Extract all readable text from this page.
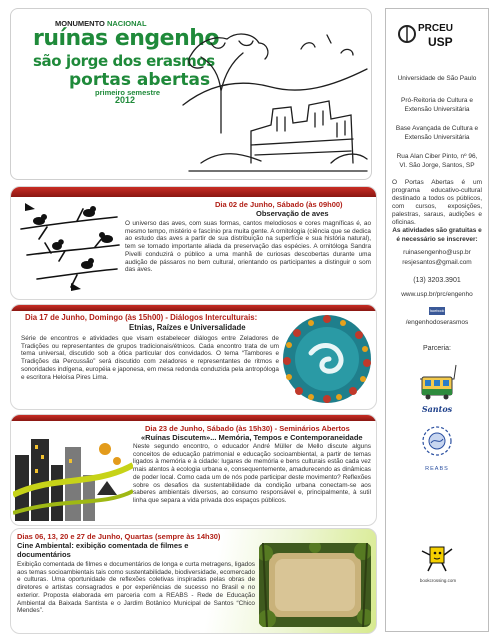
MONUMENTO NACIONAL
ruínas engenho
são jorge dos erasmos
portas abertas
primeiro semestre
2012
PRCEU
USP
Universidade de São Paulo
Pró-Reitoria de Cultura e Extensão Universitária
Base Avançada de Cultura e Extensão Universitária
Rua Alan Ciber Pinto, nº 96, Vl. São Jorge, Santos, SP
O Portas Abertas é um programa educativo-cultural destinado a todos os públicos, com cursos, exposições, palestras, saraus, audições e oficinas.
As atividades são gratuitas e é necessário se inscrever:
ruinasengenho@usp.br
resjesantos@gmail.com
(13) 3203.3901
www.usp.br/prc/engenho
facebook
/engenhodoserasmos
Parceria:
Santos
REABS
bookcrossing.com
Dia 02 de Junho, Sábado (às 09h00)
Observação de aves
O universo das aves, com suas formas, cantos melodiosos e cores magníficas é, ao mesmo tempo, mistério e fascínio pra muita gente. A ornitologia (ciência que se dedica ao estudo das aves a partir de sua distribuição na superfície e sua história natural), tem se tornado importante aliada da preservação das espécies. A ornitóloga Sandra Pivelli conduzirá o público a uma manhã de curiosas descobertas durante uma audição de pássaros no bem cultural, orientando os participantes a distinguir o som das aves.
Dia 17 de Junho, Domingo (às 15h00) - Diálogos Interculturais:
Etnias, Raízes e Universalidade
Série de encontros e atividades que visam estabelecer diálogos entre Zeladores de Tradições ou representantes de grupos tradicionais/étnicos. Cada encontro trata de um tema universal, discutido sob a ótica particular dos convidados. O tema “Tambores e Tradições da Percussão” será discutido com zeladores e representantes de ritmos e sonoridades indígena, européia e japonesa, em mesa redonda conduzida pela antropóloga e escritora Heloísa Pires Lima.
Dia 23 de Junho, Sábado (às 15h30) - Seminários Abertos
«Ruínas Discutem»... Memória, Tempos e Contemporaneidade
Neste segundo encontro, o educador André Müller de Mello discute alguns conceitos de educação patrimonial e educação socioambiental, a partir de temas ligados à memória e à cidade: lugares de memória e bens culturais estão cada vez mais atentos à ecologia urbana e, consequentemente, amadurecendo as dinâmicas de poder local. Como cada um de nós pode participar deste movimento? Reflexões sobre os desafios da sustentabilidade da condição urbana conectam-se aos saberes ambientais diversos, ao consumo responsável e, principalmente, à sutil linha que separa a vida privada dos espaços públicos.
Dias 06, 13, 20 e 27 de Junho, Quartas (sempre às 14h30)
Cine Ambiental: exibição comentada de filmes e documentários
Exibição comentada de filmes e documentários de longa e curta metragens, ligados aos temas socioambientais tais como sustentabilidade, biodiversidade, ecomercado e culturas. Uma oportunidade de reflexões coletivas inspiradas pelas obras de diretores e artistas consagrados e por experiências de sucesso no Brasil e no exterior. Proposta elaborada em parceria com a REABS - Rede de Educação Ambiental da Baixada Santista e o Jardim Botânico Municipal de Santos “Chico Mendes”.
